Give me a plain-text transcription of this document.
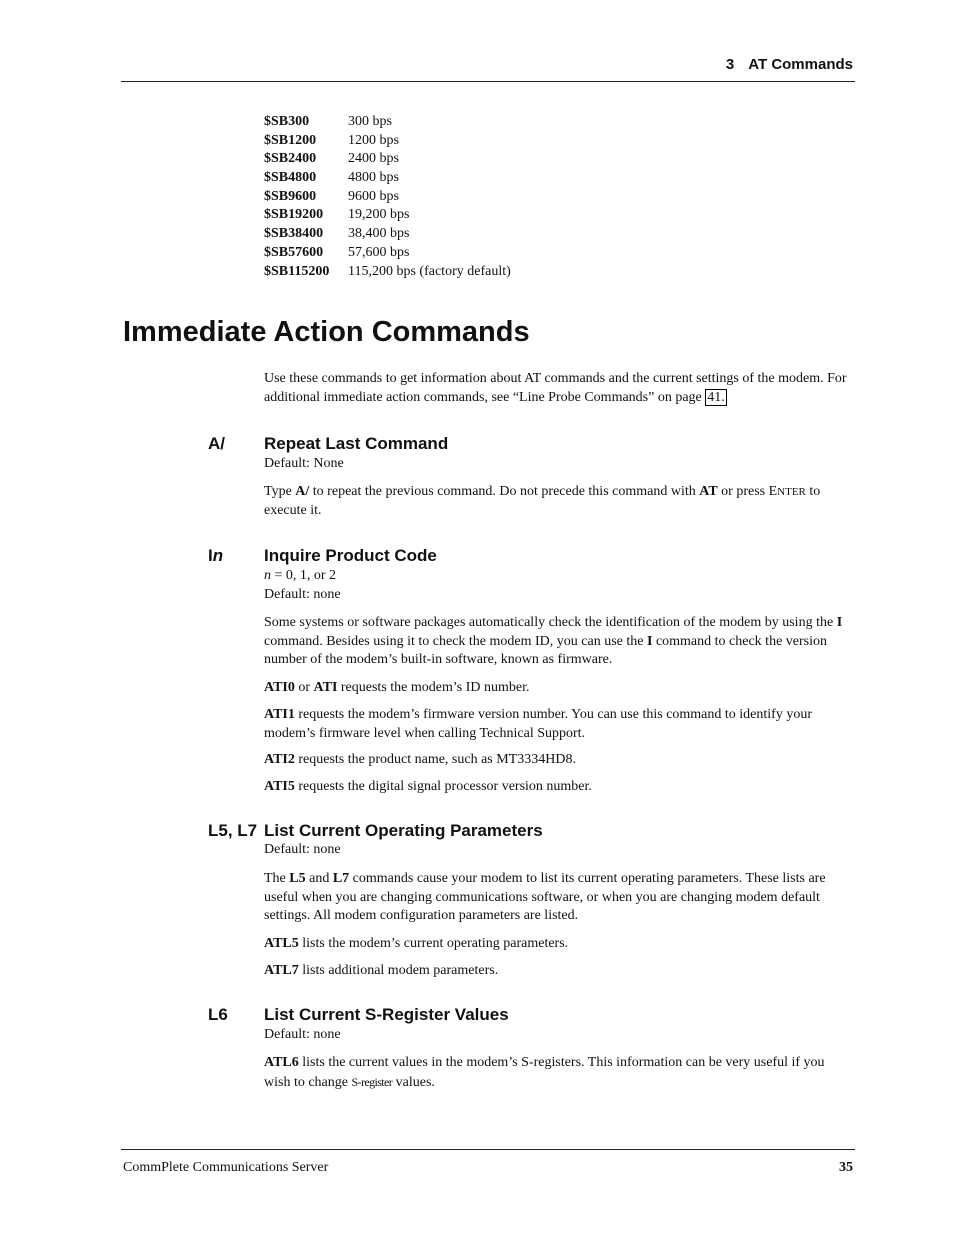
3 AT Commands
$SB300	300 bps
$SB1200 1200 bps
$SB2400 2400 bps
$SB4800 4800 bps
$SB9600 9600 bps
$SB19200 19,200 bps
$SB38400 38,400 bps
$SB57600 57,600 bps
$SB115200 115,200 bps (factory default)
Immediate Action Commands
Use these commands to get information about AT commands and the current settings of the modem. For additional immediate action commands, see “Line Probe Commands” on page 41.
A/ Repeat Last Command
Default: None
Type A/ to repeat the previous command. Do not precede this command with AT or press ENTER to execute it.
In Inquire Product Code
n = 0, 1, or 2
Default: none
Some systems or software packages automatically check the identification of the modem by using the I command. Besides using it to check the modem ID, you can use the I command to check the version number of the modem’s built-in software, known as firmware.
ATI0 or ATI requests the modem’s ID number.
ATI1 requests the modem’s firmware version number. You can use this command to identify your modem’s firmware level when calling Technical Support.
ATI2 requests the product name, such as MT3334HD8.
ATI5 requests the digital signal processor version number.
L5, L7 List Current Operating Parameters
Default: none
The L5 and L7 commands cause your modem to list its current operating parameters. These lists are useful when you are changing communications software, or when you are changing modem default settings. All modem configuration parameters are listed.
ATL5 lists the modem’s current operating parameters.
ATL7 lists additional modem parameters.
L6 List Current S-Register Values
Default: none
ATL6 lists the current values in the modem’s S-registers. This information can be very useful if you wish to change S-register values.
CommPlete Communications Server	35
